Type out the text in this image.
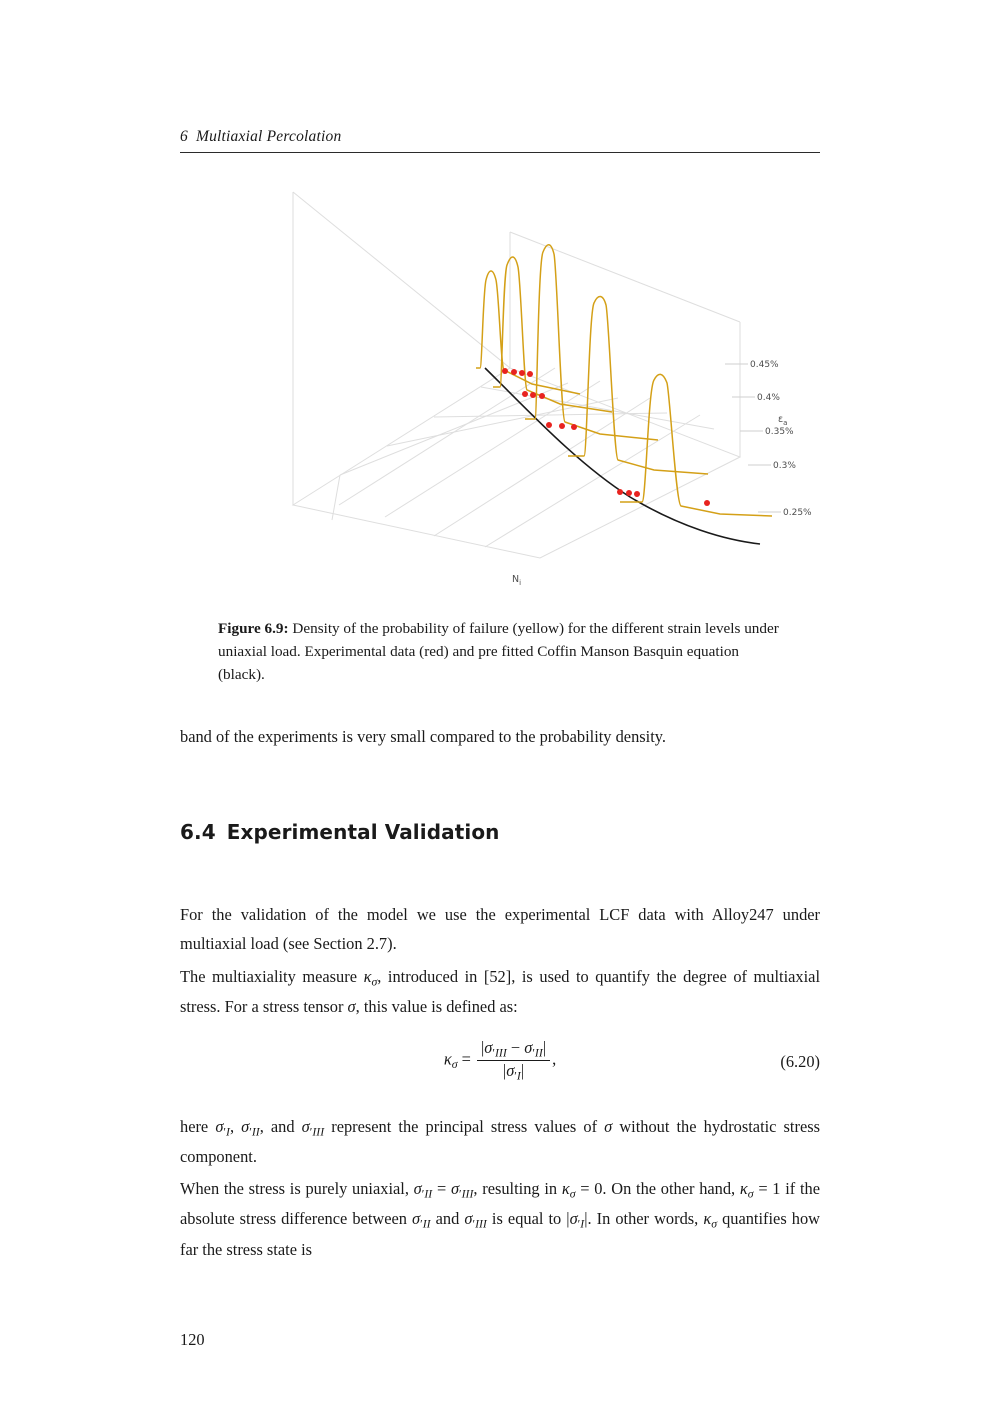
6 Multiaxial Percolation
0.45%
0.4%
0.35%
0.3%
0.25%
$N_i$
$\varepsilon_a$
Figure 6.9: Density of the probability of failure (yellow) for the different strain levels under uniaxial load. Experimental data (red) and pre fitted Coffin Manson Basquin equation (black).
band of the experiments is very small compared to the probability density.
6.4 Experimental Validation
For the validation of the model we use the experimental LCF data with Alloy247 under multiaxial load (see Section 2.7).
The multiaxiality measure $\kappa_\sigma$, introduced in [52], is used to quantify the degree of multiaxial stress. For a stress tensor σ, this value is defined as:
$\kappa_\sigma = \frac{|\sigma_{'III} - \sigma_{'II}|}{|\sigma_{'I}|}$ ,	(6.20)
here $\sigma_{'I}$, $\sigma_{'II}$, and $\sigma_{'III}$ represent the principal stress values of σ without the hydrostatic stress component.
When the stress is purely uniaxial, $\sigma_{'II} = \sigma_{'III}$, resulting in $\kappa_\sigma = 0$. On the other hand, $\kappa_\sigma = 1$ if the absolute stress difference between $\sigma_{'II}$ and $\sigma_{'III}$ is equal to $|\sigma_{'I}|$. In other words, $\kappa_\sigma$ quantifies how far the stress state is
120
